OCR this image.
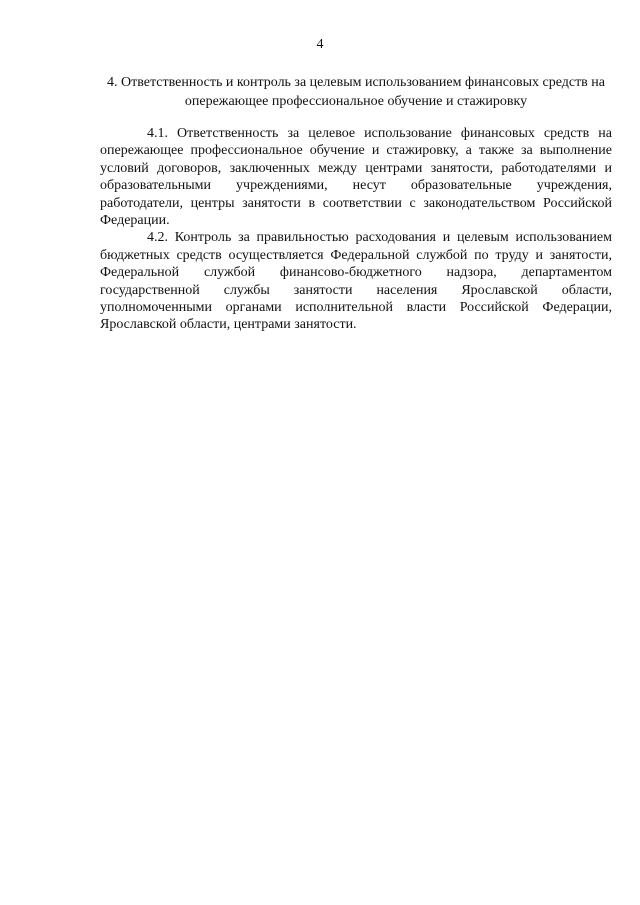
4
4. Ответственность и контроль за целевым использованием финансовых средств на опережающее профессиональное обучение и стажировку

4.1. Ответственность за целевое использование финансовых средств на опережающее профессиональное обучение и стажировку, а также за выполнение условий договоров, заключенных между центрами занятости, работодателями и образовательными учреждениями, несут образовательные учреждения, работодатели, центры занятости в соответствии с законодательством Российской Федерации.

4.2. Контроль за правильностью расходования и целевым использованием бюджетных средств осуществляется Федеральной службой по труду и занятости, Федеральной службой финансово-бюджетного надзора, департаментом государственной службы занятости населения Ярославской области, уполномоченными органами исполнительной власти Российской Федерации, Ярославской области, центрами занятости.
